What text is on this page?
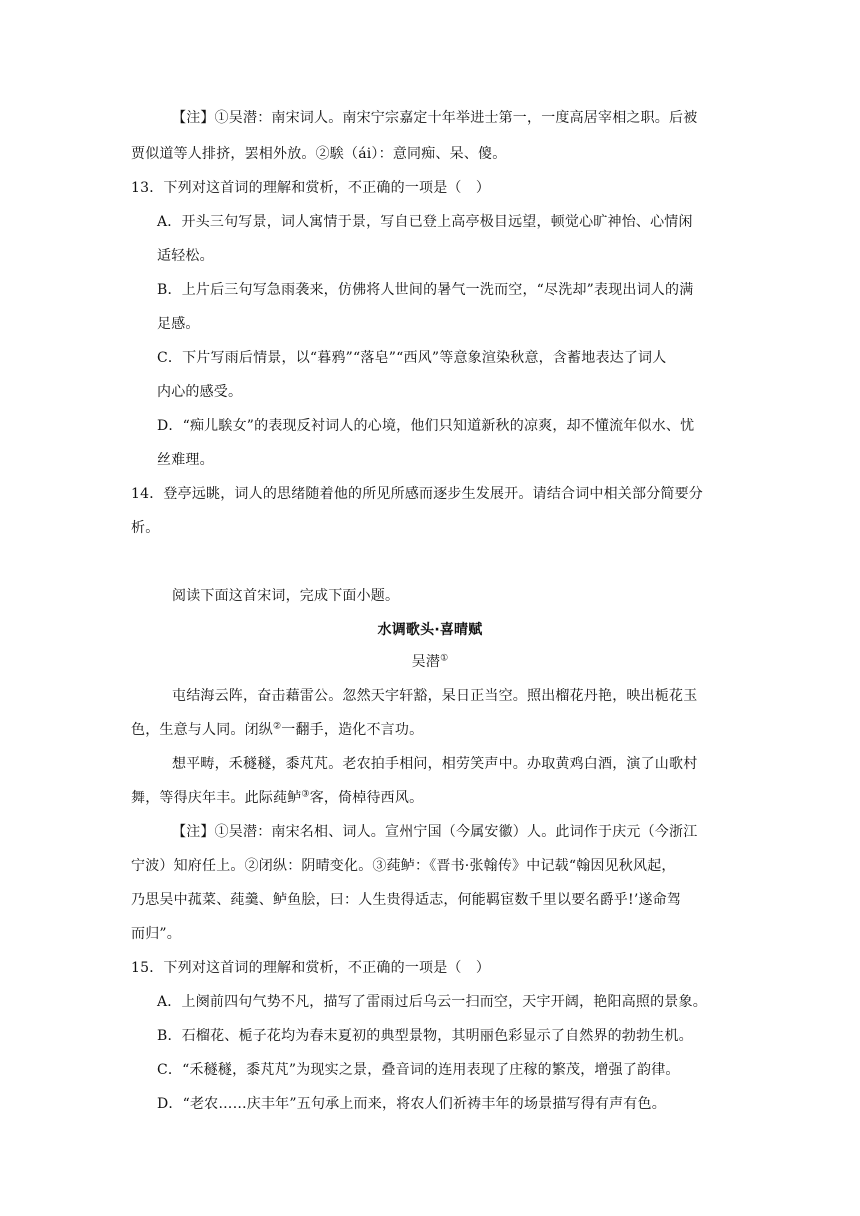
【注】①吴潜：南宋词人。南宋宁宗嘉定十年举进士第一，一度高居宰相之职。后被
贾似道等人排挤，罢相外放。②騃（ái）：意同痴、呆、傻。
13．下列对这首词的理解和赏析，不正确的一项是（　）
A．开头三句写景，词人寓情于景，写自已登上高亭极目远望，顿觉心旷神怡、心情闲
适轻松。
B．上片后三句写急雨袭来，仿佛将人世间的暑气一洗而空，“尽洗却”表现出词人的满
足感。
C．下片写雨后情景，以“暮鸦”“落皂”“西风”等意象渲染秋意，含蓄地表达了词人
内心的感受。
D．“痴儿騃女”的表现反衬词人的心境，他们只知道新秋的凉爽，却不懂流年似水、忧
丝难理。
14．登亭远眺，词人的思绪随着他的所见所感而逐步生发展开。请结合词中相关部分简要分
析。
阅读下面这首宋词，完成下面小题。
水调歌头·喜晴赋
吴潜①
屯结海云阵，奋击藉雷公。忽然天宇轩豁，杲日正当空。照出榴花丹艳，映出栀花玉
色，生意与人同。闭纵②一翻手，造化不言功。
想平畴，禾穟穟，黍芃芃。老农拍手相问，相劳笑声中。办取黄鸡白酒，演了山歌村
舞，等得庆年丰。此际莼鲈③客，倚棹待西风。
【注】①吴潜：南宋名相、词人。宣州宁国（今属安徽）人。此词作于庆元（今浙江
宁波）知府任上。②闭纵：阴晴变化。③莼鲈：《晋书·张翰传》中记载“翰因见秋风起，
乃思吴中菰菜、莼羹、鲈鱼脍，曰：人生贵得适志，何能羁宦数千里以要名爵乎!’遂命驾
而归”。
15．下列对这首词的理解和赏析，不正确的一项是（　）
A．上阕前四句气势不凡，描写了雷雨过后乌云一扫而空，天宇开阔，艳阳高照的景象。
B．石榴花、栀子花均为春末夏初的典型景物，其明丽色彩显示了自然界的勃勃生机。
C．“禾穟穟，黍芃芃”为现实之景，叠音词的连用表现了庄稼的繁茂，增强了韵律。
D．“老农……庆丰年”五句承上而来，将农人们祈祷丰年的场景描写得有声有色。
